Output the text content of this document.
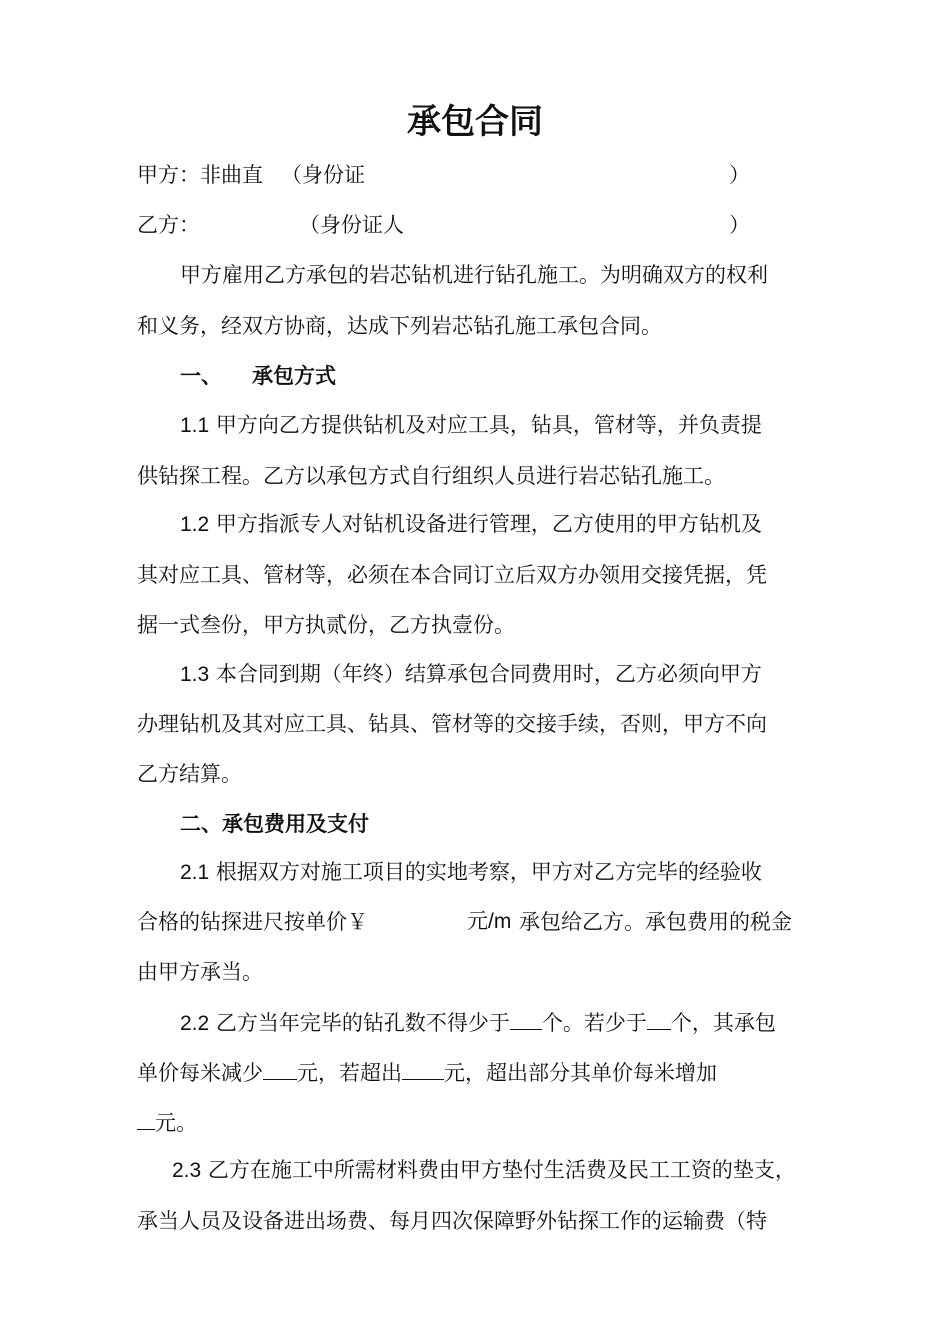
承包合同
甲方：非曲直 （身份证	）
乙方：	（身份证人	）
甲方雇用乙方承包的岩芯钻机进行钻孔施工。为明确双方的权利
和义务，经双方协商，达成下列岩芯钻孔施工承包合同。
一、 承包方式
1.1 甲方向乙方提供钻机及对应工具，钻具，管材等，并负责提
供钻探工程。乙方以承包方式自行组织人员进行岩芯钻孔施工。
1.2 甲方指派专人对钻机设备进行管理，乙方使用的甲方钻机及
其对应工具、管材等，必须在本合同订立后双方办领用交接凭据，凭
据一式叁份，甲方执贰份，乙方执壹份。
1.3 本合同到期（年终）结算承包合同费用时，乙方必须向甲方
办理钻机及其对应工具、钻具、管材等的交接手续，否则，甲方不向
乙方结算。
二、承包费用及支付
2.1 根据双方对施工项目的实地考察，甲方对乙方完毕的经验收
合格的钻探进尺按单价￥	元/m 承包给乙方。承包费用的税金
由甲方承当。
2.2 乙方当年完毕的钻孔数不得少于 个。若少于 个，其承包
单价每米减少 元，若超出 元，超出部分其单价每米增加
元。
2.3 乙方在施工中所需材料费由甲方垫付生活费及民工工资的垫支，
承当人员及设备进出场费、每月四次保障野外钻探工作的运输费（特
